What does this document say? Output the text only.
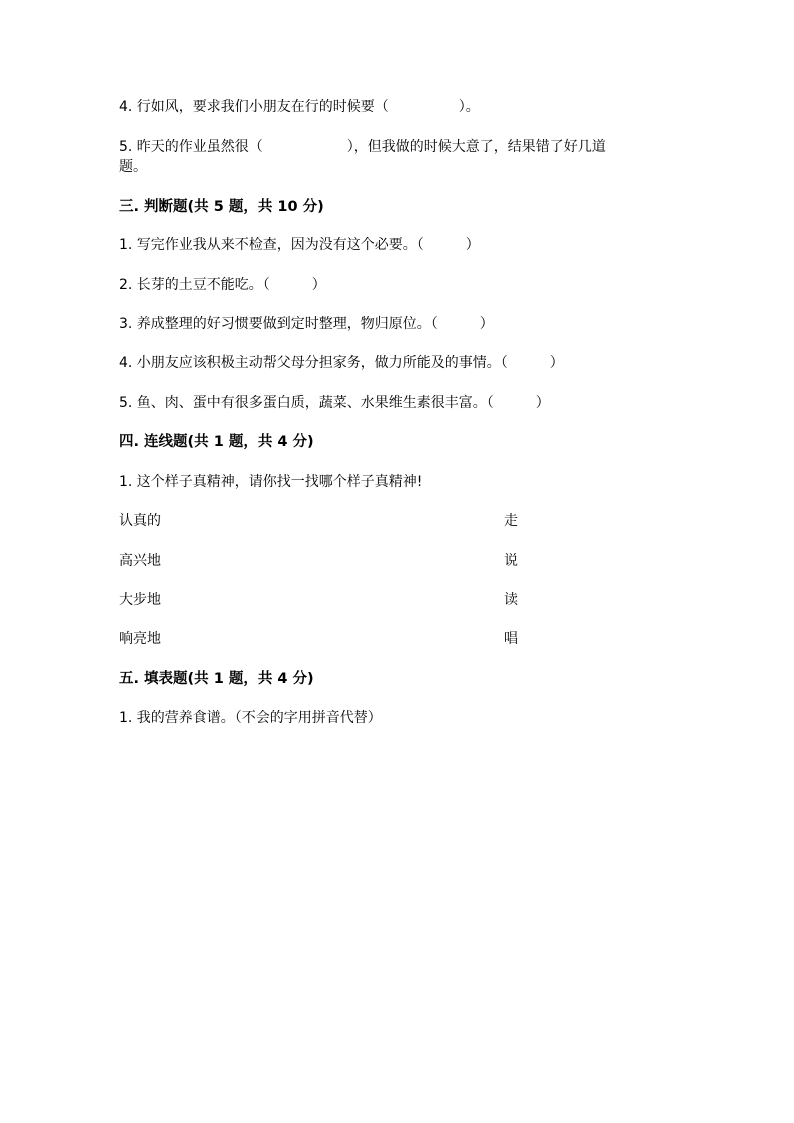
4. 行如风，要求我们小朋友在行的时候要（　　　　　）。
5. 昨天的作业虽然很（　　　　　　），但我做的时候大意了，结果错了好几道
题。
三. 判断题(共 5 题，共 10 分)
1. 写完作业我从来不检查，因为没有这个必要。（　　　）
2. 长芽的土豆不能吃。（　　　）
3. 养成整理的好习惯要做到定时整理，物归原位。（　　　）
4. 小朋友应该积极主动帮父母分担家务，做力所能及的事情。（　　　）
5. 鱼、肉、蛋中有很多蛋白质，蔬菜、水果维生素很丰富。（　　　）
四. 连线题(共 1 题，共 4 分)
1. 这个样子真精神，请你找一找哪个样子真精神!
认真的	走
高兴地	说
大步地	读
响亮地	唱
五. 填表题(共 1 题，共 4 分)
1. 我的营养食谱。（不会的字用拼音代替）
